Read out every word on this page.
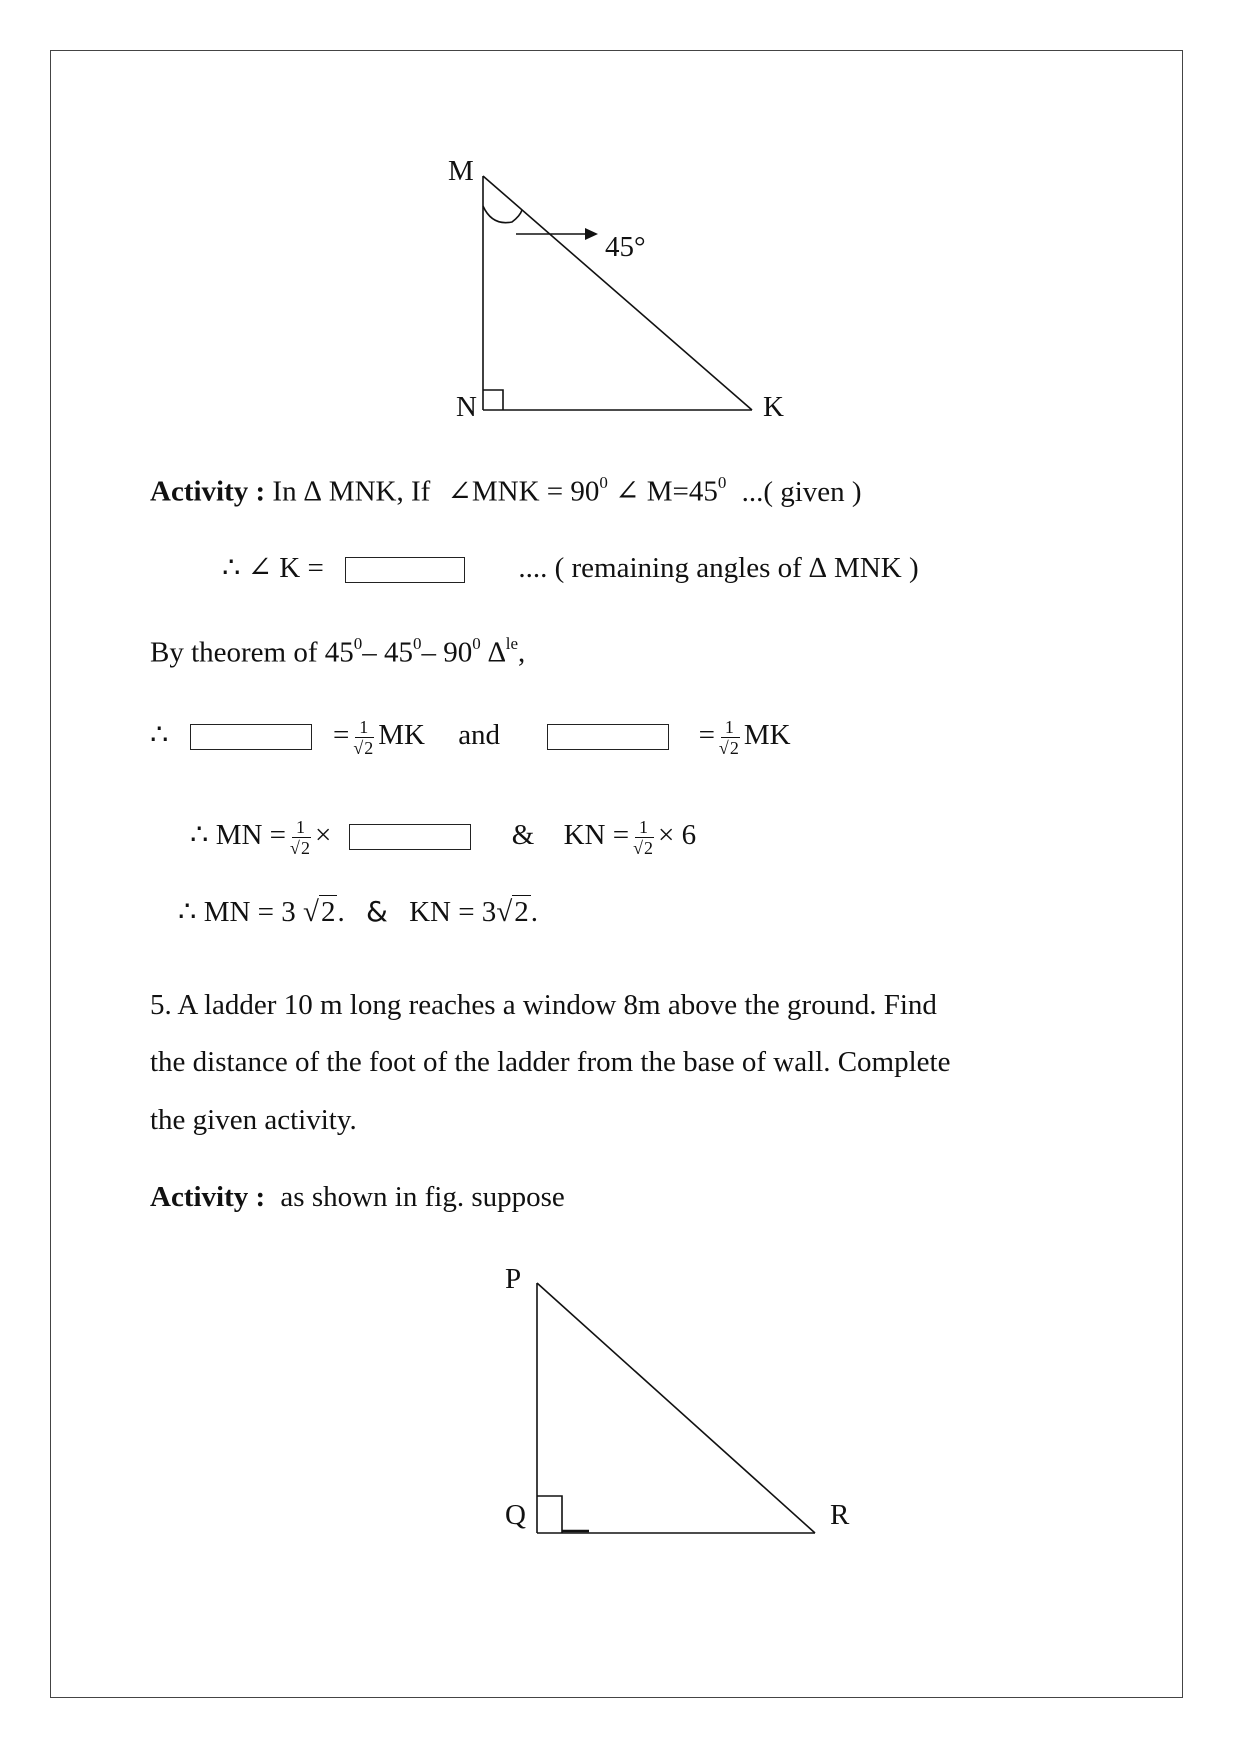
M
N	K
45°
P
Q	R
Activity : In ∆ MNK, If ∠MNK = $90^0$ ∠ $M=45^0$ ...( given )
∴ ∠ K =	.... ( remaining angles of ∆ MNK )
By theorem of $45^0-$ $45^0-$ $90^0$ ∆$^{le}$,
∴	= $\frac{1}{√2}$ MK and	= $\frac{1}{√2}$ MK
∴ MN = $\frac{1}{√2}$ ×	& KN = $\frac{1}{√2} \times 6$
∴ MN = 3 √2. & KN = 3√2.
5. A ladder 10 m long reaches a window 8m above the ground. Find
the distance of the foot of the ladder from the base of wall. Complete
the given activity.
Activity : as shown in fig. suppose
